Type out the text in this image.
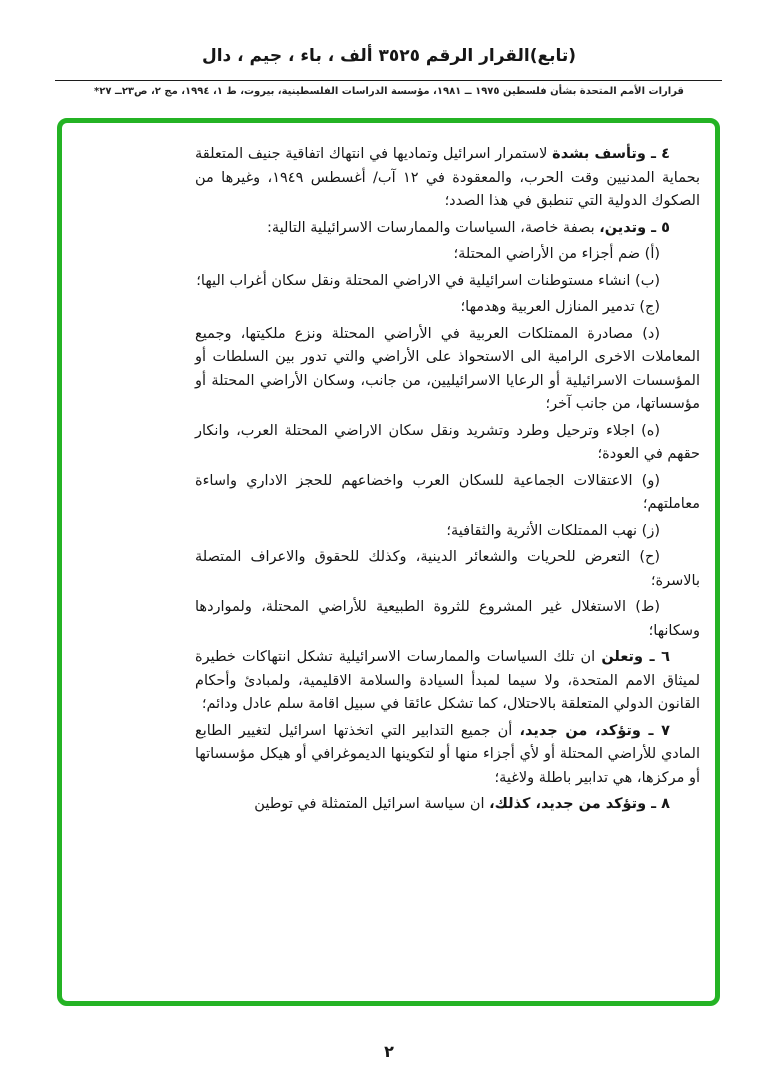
(تابع)القرار الرقم ٣٥٢٥ ألف ، باء ، جيم ، دال
قرارات الأمم المتحدة بشأن فلسطين ١٩٧٥ ــ ١٩٨١، مؤسسة الدراسات الفلسطينية، بيروت، ط ١، ١٩٩٤، مج ٢، ص٢٣ــ ٢٧*

٤ ـ وتأسف بشدة لاستمرار اسرائيل وتماديها في انتهاك اتفاقية جنيف المتعلقة بحماية المدنيين وقت الحرب، والمعقودة في ١٢ آب/ أغسطس ١٩٤٩، وغيرها من الصكوك الدولية التي تنطبق في هذا الصدد؛

٥ ـ وتدين، بصفة خاصة، السياسات والممارسات الاسرائيلية التالية:

(أ) ضم أجزاء من الأراضي المحتلة؛

(ب) انشاء مستوطنات اسرائيلية في الاراضي المحتلة ونقل سكان أغراب اليها؛

(ج) تدمير المنازل العربية وهدمها؛

(د) مصادرة الممتلكات العربية في الأراضي المحتلة ونزع ملكيتها، وجميع المعاملات الاخرى الرامية الى الاستحواذ على الأراضي والتي تدور بين السلطات أو المؤسسات الاسرائيلية أو الرعايا الاسرائيليين، من جانب، وسكان الأراضي المحتلة أو مؤسساتها، من جانب آخر؛

(ه) اجلاء وترحيل وطرد وتشريد ونقل سكان الاراضي المحتلة العرب، وانكار حقهم في العودة؛

(و) الاعتقالات الجماعية للسكان العرب واخضاعهم للحجز الاداري واساءة معاملتهم؛

(ز) نهب الممتلكات الأثرية والثقافية؛

(ح) التعرض للحريات والشعائر الدينية، وكذلك للحقوق والاعراف المتصلة بالاسرة؛

(ط) الاستغلال غير المشروع للثروة الطبيعية للأراضي المحتلة، ولمواردها وسكانها؛

٦ ـ وتعلن ان تلك السياسات والممارسات الاسرائيلية تشكل انتهاكات خطيرة لميثاق الامم المتحدة، ولا سيما لمبدأ السيادة والسلامة الاقليمية، ولمبادئ وأحكام القانون الدولي المتعلقة بالاحتلال، كما تشكل عائقا في سبيل اقامة سلم عادل ودائم؛

٧ ـ وتؤكد، من جديد، أن جميع التدابير التي اتخذتها اسرائيل لتغيير الطابع المادي للأراضي المحتلة أو لأي أجزاء منها أو لتكوينها الديموغرافي أو هيكل مؤسساتها أو مركزها، هي تدابير باطلة ولاغية؛

٨ ـ وتؤكد من جديد، كذلك، ان سياسة اسرائيل المتمثلة في توطين

٢
